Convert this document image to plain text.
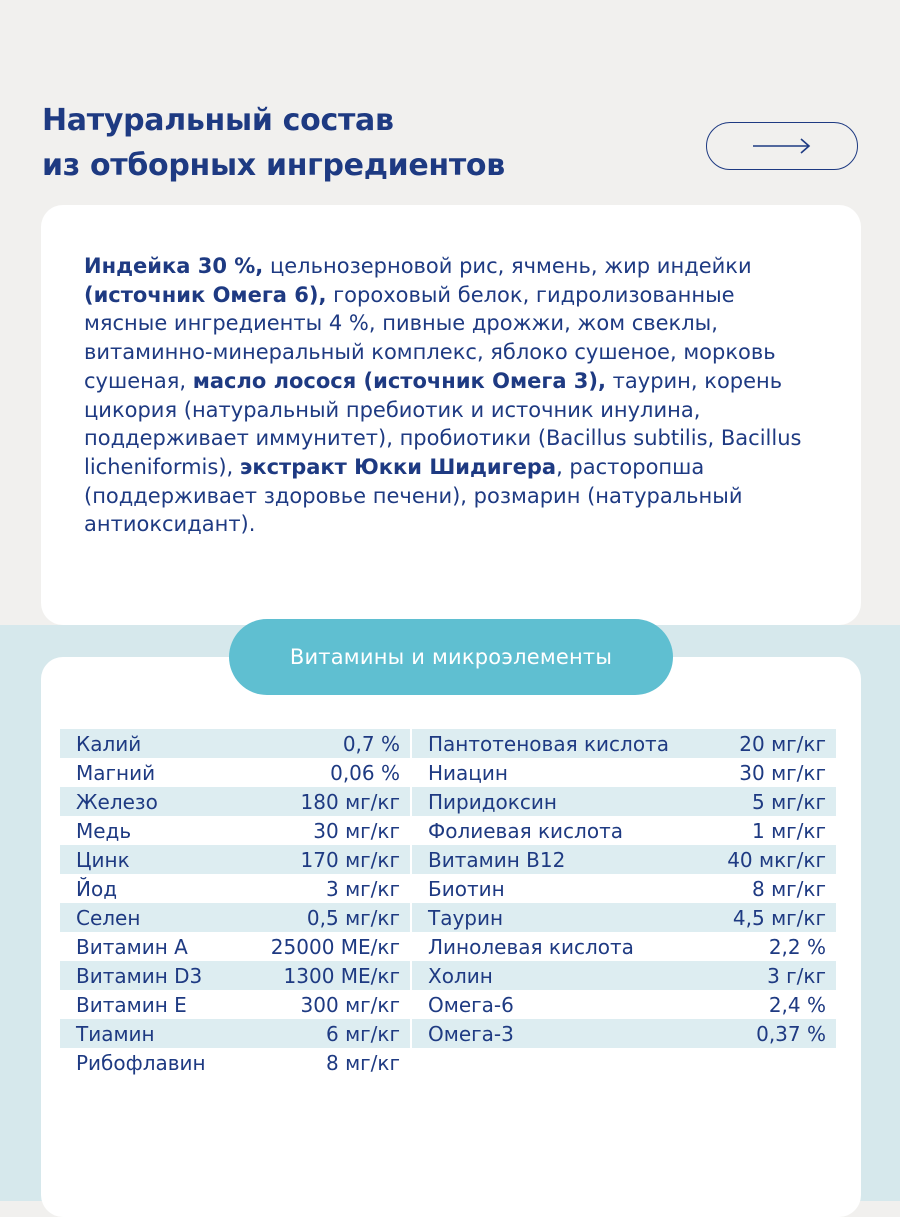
Натуральный состав
из отборных ингредиентов

Индейка 30 %, цельнозерновой рис, ячмень, жир индейки (источник Омега 6), гороховый белок, гидролизованные мясные ингредиенты 4 %, пивные дрожжи, жом свеклы, витаминно-минеральный комплекс, яблоко сушеное, морковь сушеная, масло лосося (источник Омега 3), таурин, корень цикория (натуральный пребиотик и источник инулина, поддерживает иммунитет), пробиотики (Bacillus subtilis, Bacillus licheniformis), экстракт Юкки Шидигера, расторопша (поддерживает здоровье печени), розмарин (натуральный антиоксидант).

Витамины и микроэлементы
Калий	0,7 %
Магний	0,06 %
Железо	180 мг/кг
Медь	30 мг/кг
Цинк	170 мг/кг
Йод	3 мг/кг
Селен	0,5 мг/кг
Витамин А	25000 МЕ/кг
Витамин D3	1300 МЕ/кг
Витамин Е	300 мг/кг
Тиамин	6 мг/кг
Рибофлавин	8 мг/кг
Пантотеновая кислота	20 мг/кг
Ниацин	30 мг/кг
Пиридоксин	5 мг/кг
Фолиевая кислота	1 мг/кг
Витамин В12	40 мкг/кг
Биотин	8 мг/кг
Таурин	4,5 мг/кг
Линолевая кислота	2,2 %
Холин	3 г/кг
Омега-6	2,4 %
Омега-3	0,37 %
